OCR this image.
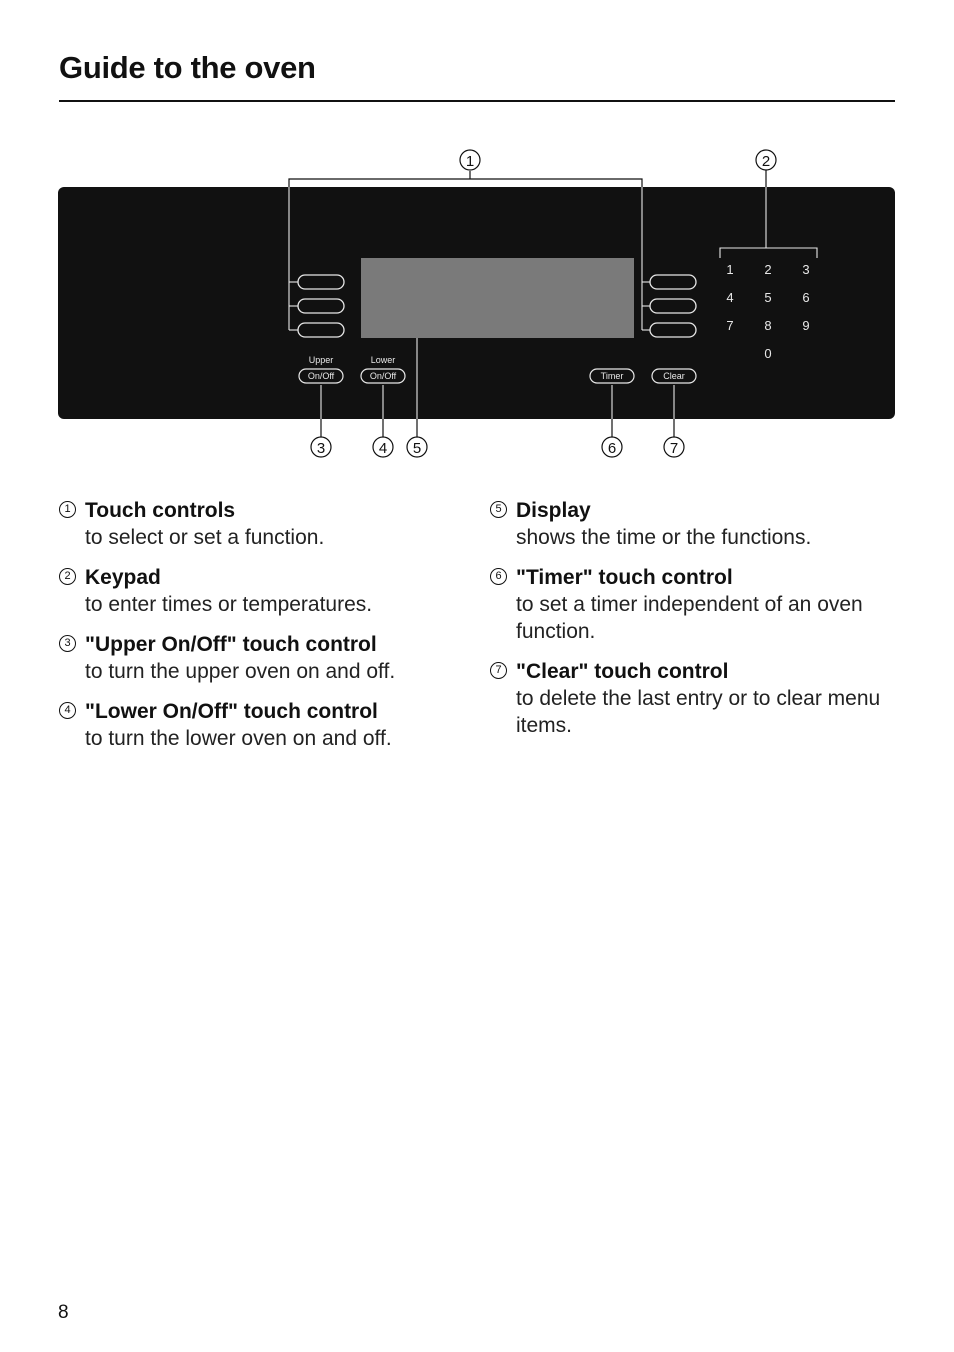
Guide to the oven
1	2
1 2 3
4 5 6
7 8 9
0
Upper	Lower
On/Off	On/Off	Timer	Clear
3	4 5	6	7
1 Touch controls
to select or set a function.
2 Keypad
to enter times or temperatures.
3 "Upper On/Off" touch control
to turn the upper oven on and off.
4 "Lower On/Off" touch control
to turn the lower oven on and off.
5 Display
shows the time or the functions.
6 "Timer" touch control
to set a timer independent of an oven function.
7 "Clear" touch control
to delete the last entry or to clear menu items.
8
